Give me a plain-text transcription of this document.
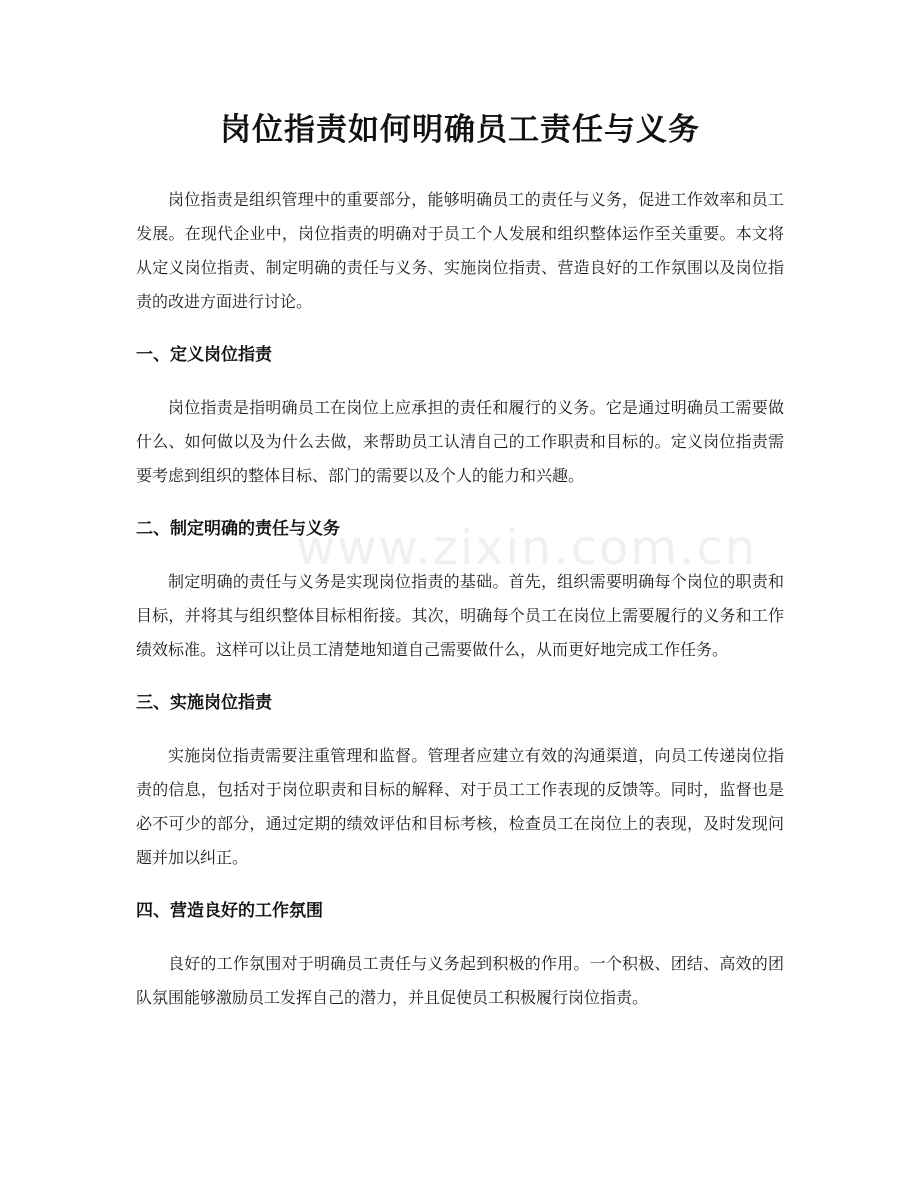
岗位指责如何明确员工责任与义务

岗位指责是组织管理中的重要部分，能够明确员工的责任与义务，促进工作效率和员工发展。在现代企业中，岗位指责的明确对于员工个人发展和组织整体运作至关重要。本文将从定义岗位指责、制定明确的责任与义务、实施岗位指责、营造良好的工作氛围以及岗位指责的改进方面进行讨论。

一、定义岗位指责

岗位指责是指明确员工在岗位上应承担的责任和履行的义务。它是通过明确员工需要做什么、如何做以及为什么去做，来帮助员工认清自己的工作职责和目标的。定义岗位指责需要考虑到组织的整体目标、部门的需要以及个人的能力和兴趣。

二、制定明确的责任与义务

制定明确的责任与义务是实现岗位指责的基础。首先，组织需要明确每个岗位的职责和目标，并将其与组织整体目标相衔接。其次，明确每个员工在岗位上需要履行的义务和工作绩效标准。这样可以让员工清楚地知道自己需要做什么，从而更好地完成工作任务。

三、实施岗位指责

实施岗位指责需要注重管理和监督。管理者应建立有效的沟通渠道，向员工传递岗位指责的信息，包括对于岗位职责和目标的解释、对于员工工作表现的反馈等。同时，监督也是必不可少的部分，通过定期的绩效评估和目标考核，检查员工在岗位上的表现，及时发现问题并加以纠正。

四、营造良好的工作氛围

良好的工作氛围对于明确员工责任与义务起到积极的作用。一个积极、团结、高效的团队氛围能够激励员工发挥自己的潜力，并且促使员工积极履行岗位指责。

www.zixin.com.cn
